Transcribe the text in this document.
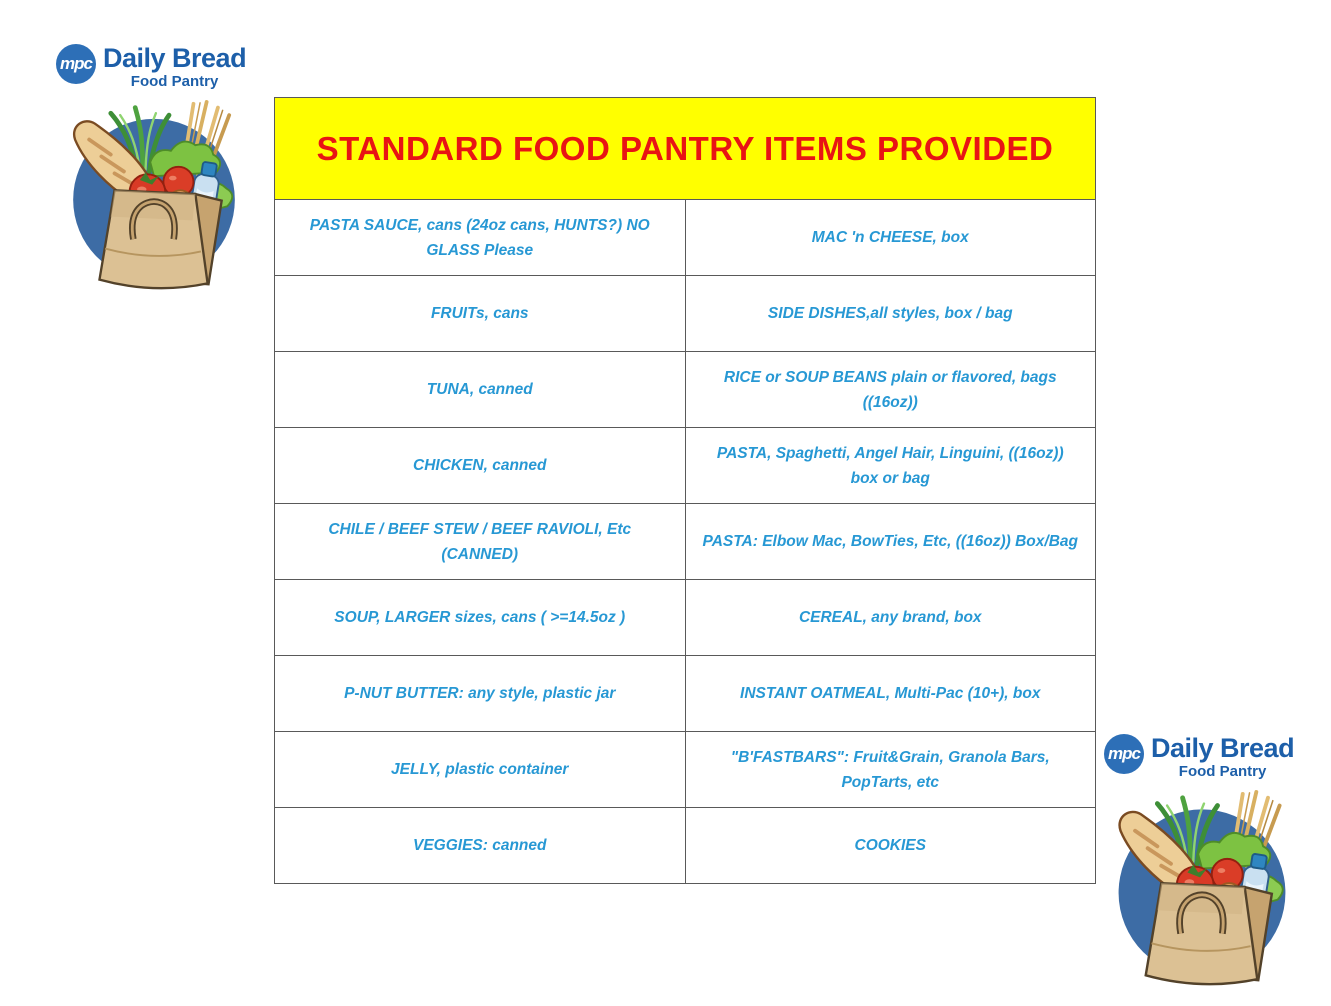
mpc Daily Bread
Food Pantry
STANDARD FOOD PANTRY ITEMS PROVIDED	
PASTA SAUCE, cans (24oz cans, HUNTS?) NO GLASS Please	MAC 'n CHEESE, box
FRUITs, cans	SIDE DISHES,all styles, box / bag
TUNA, canned	RICE or SOUP BEANS plain or flavored, bags ((16oz))
CHICKEN, canned	PASTA, Spaghetti, Angel Hair, Linguini, ((16oz)) box or bag
CHILE / BEEF STEW / BEEF RAVIOLI, Etc (CANNED)	PASTA: Elbow Mac, BowTies, Etc, ((16oz)) Box/Bag
SOUP, LARGER sizes, cans ( >=14.5oz )	CEREAL, any brand, box
P-NUT BUTTER: any style, plastic jar	INSTANT OATMEAL, Multi-Pac (10+), box
JELLY, plastic container	"B'FASTBARS": Fruit&Grain, Granola Bars, PopTarts, etc
VEGGIES: canned	COOKIES
mpc Daily Bread
Food Pantry
